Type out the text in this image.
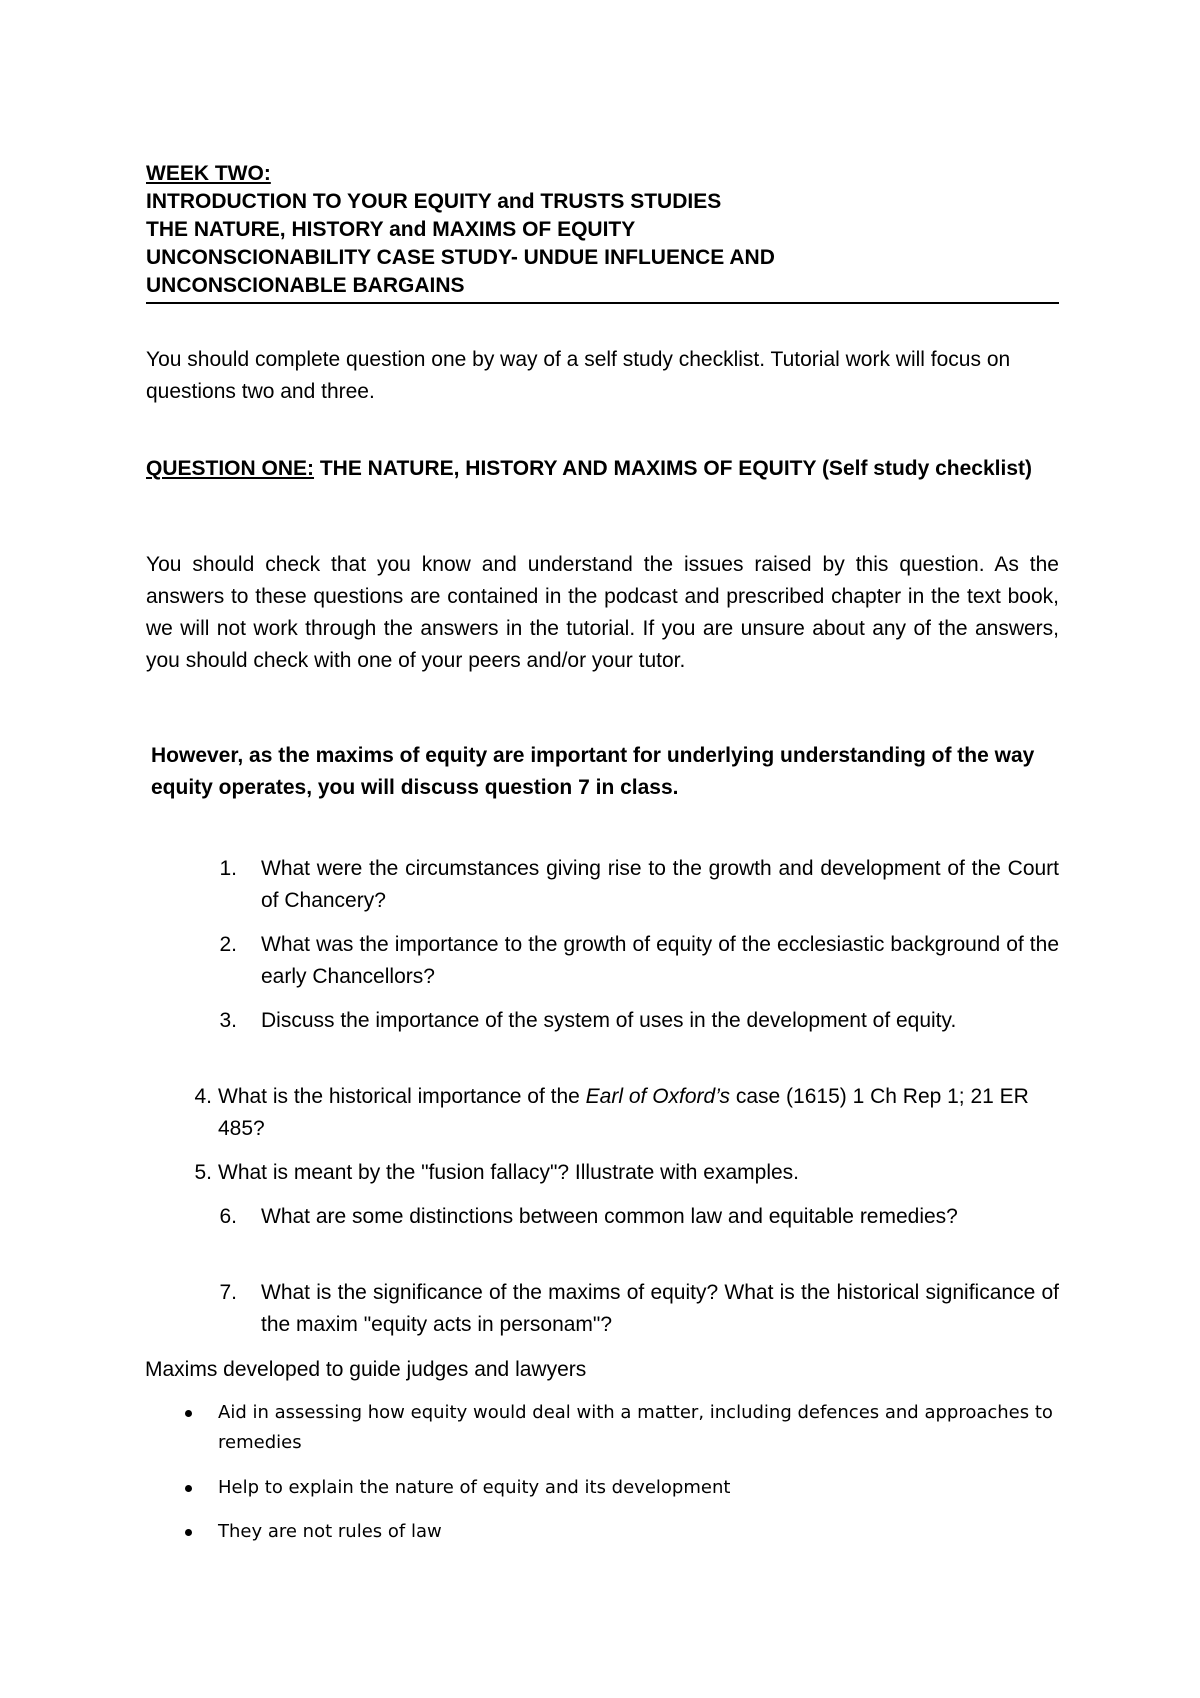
WEEK TWO:
INTRODUCTION TO YOUR EQUITY and TRUSTS STUDIES
THE NATURE, HISTORY and MAXIMS OF EQUITY
UNCONSCIONABILITY CASE STUDY- UNDUE INFLUENCE AND
UNCONSCIONABLE BARGAINS
You should complete question one by way of a self study checklist. Tutorial work will focus on questions two and three.
QUESTION ONE: THE NATURE, HISTORY AND MAXIMS OF EQUITY (Self study checklist)
You should check that you know and understand the issues raised by this question. As the answers to these questions are contained in the podcast and prescribed chapter in the text book, we will not work through the answers in the tutorial. If you are unsure about any of the answers, you should check with one of your peers and/or your tutor.
However, as the maxims of equity are important for underlying understanding of the way equity operates, you will discuss question 7 in class.
1. What were the circumstances giving rise to the growth and development of the Court of Chancery?
2. What was the importance to the growth of equity of the ecclesiastic background of the early Chancellors?
3. Discuss the importance of the system of uses in the development of equity.
4. What is the historical importance of the Earl of Oxford’s case (1615) 1 Ch Rep 1; 21 ER 485?
5. What is meant by the "fusion fallacy"? Illustrate with examples.
6. What are some distinctions between common law and equitable remedies?
7. What is the significance of the maxims of equity? What is the historical significance of the maxim "equity acts in personam"?
Maxims developed to guide judges and lawyers
Aid in assessing how equity would deal with a matter, including defences and approaches to remedies
Help to explain the nature of equity and its development
They are not rules of law
